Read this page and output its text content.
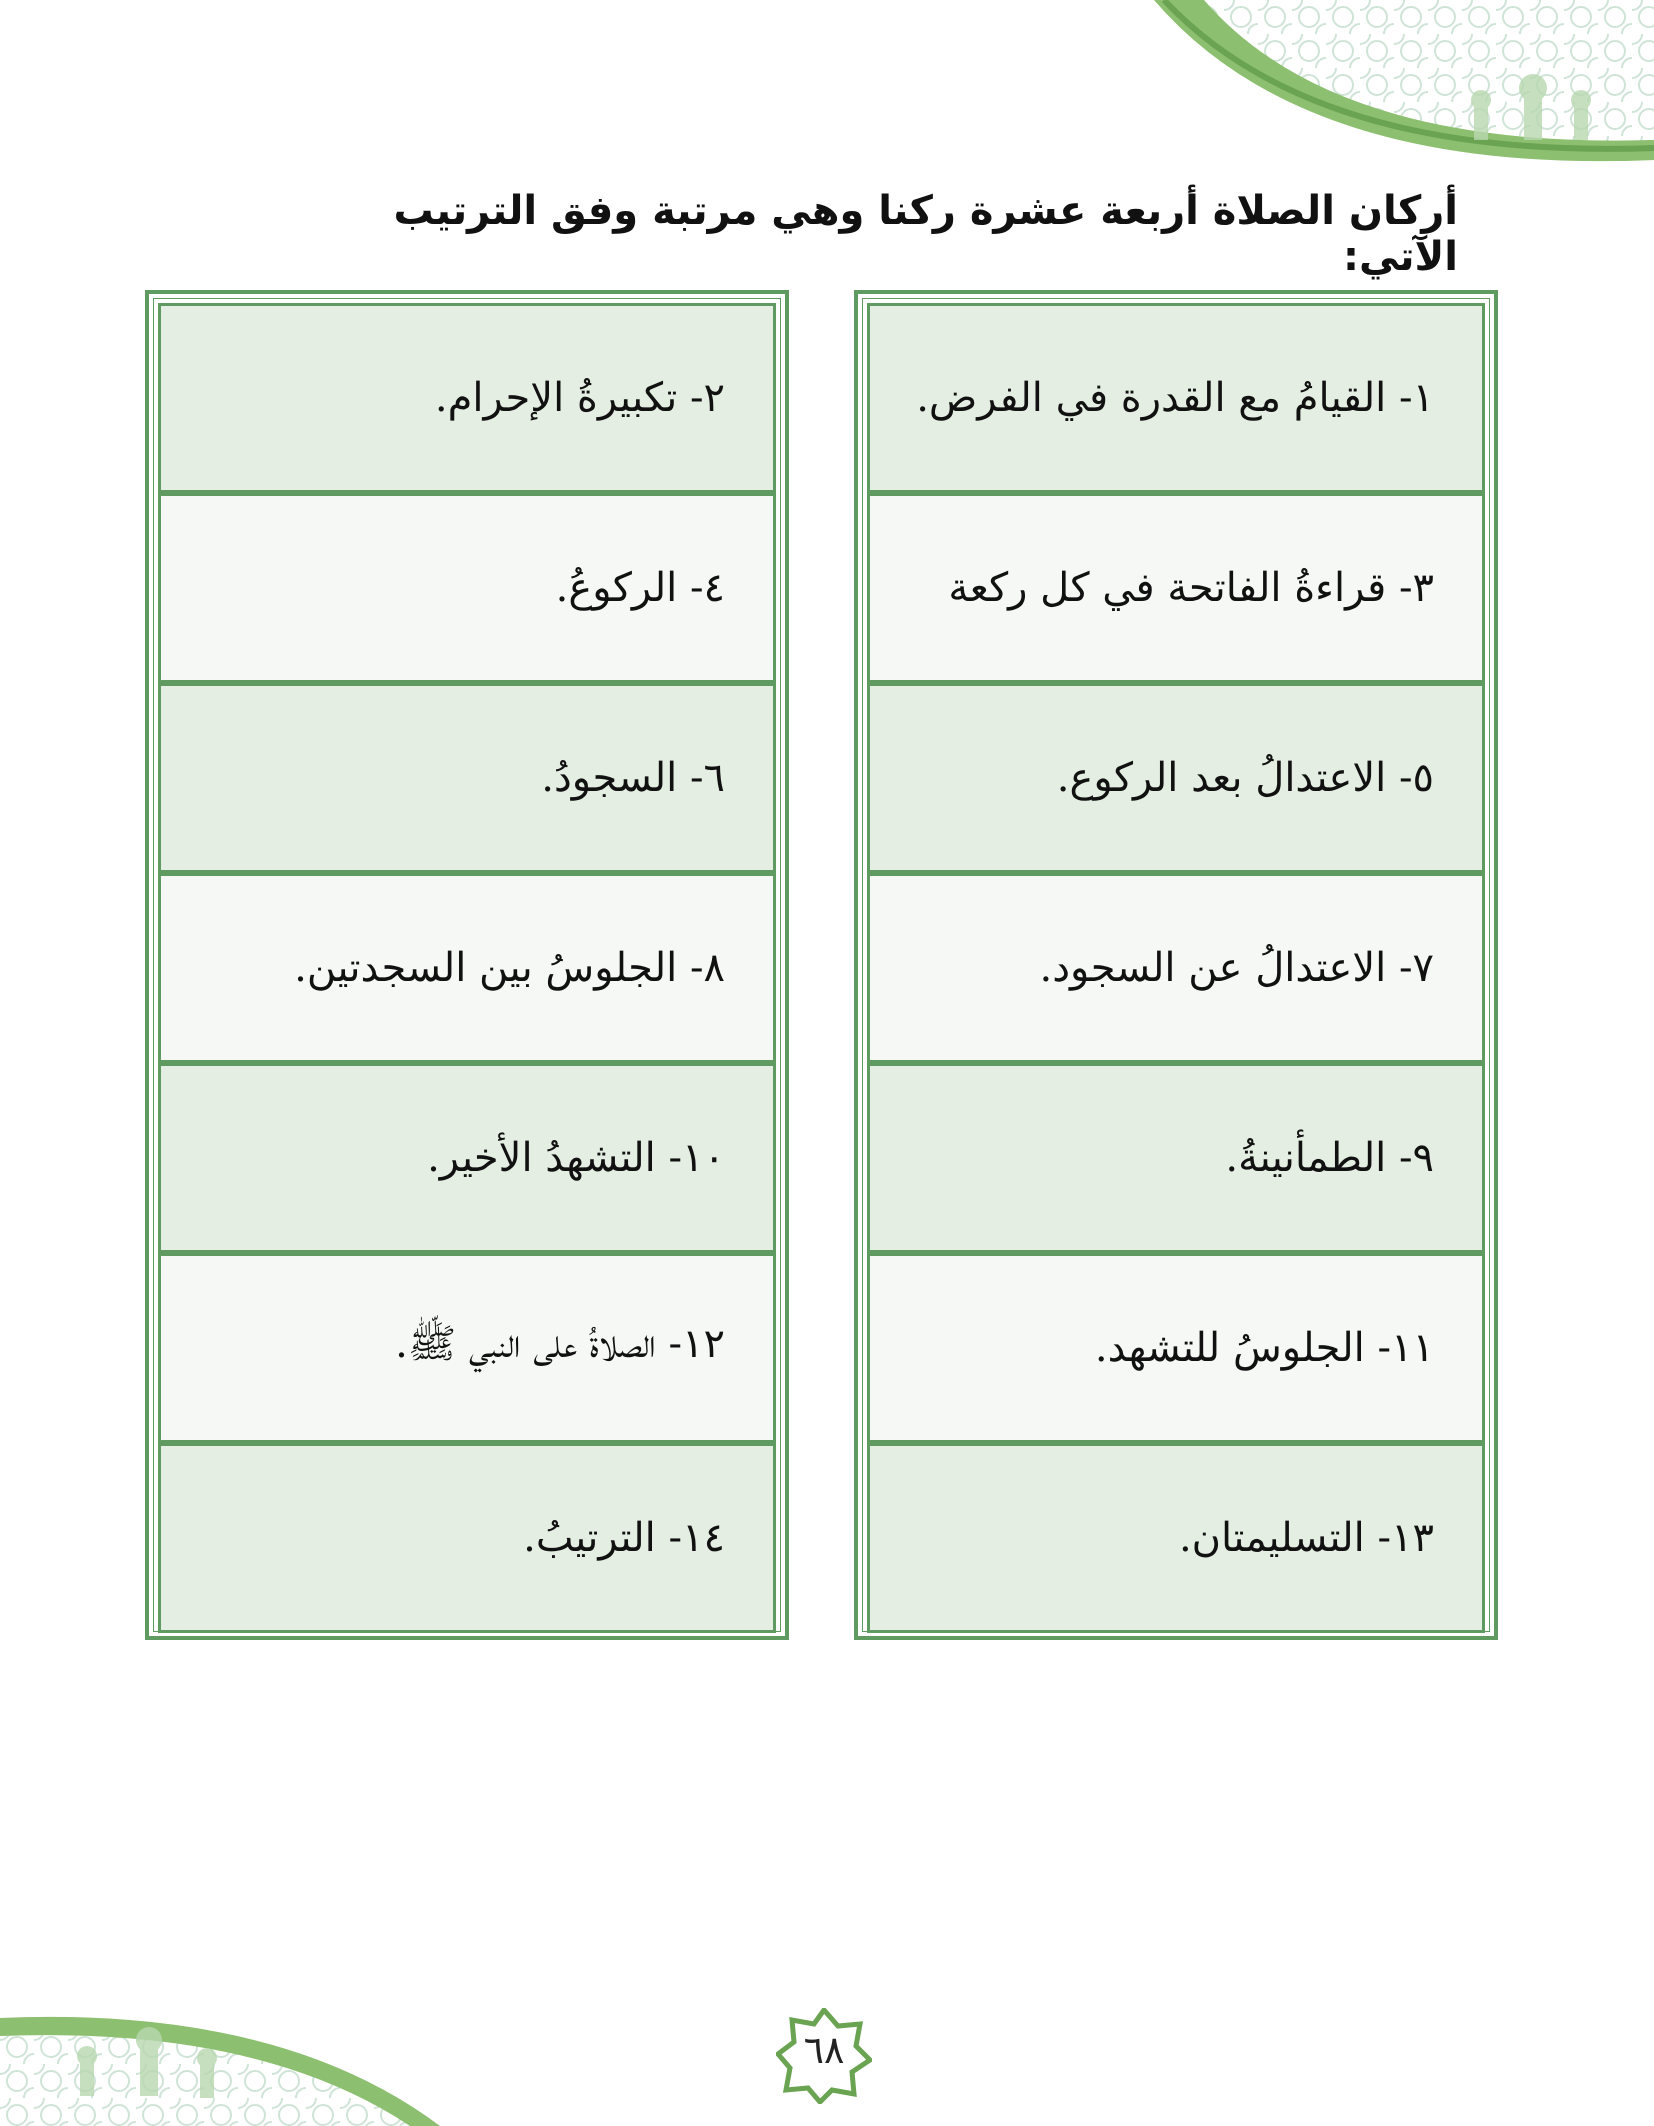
أركان الصلاة أربعة عشرة ركنا وهي مرتبة وفق الترتيب الآتي:
١- القيامُ مع القدرة في الفرض.
٣- قراءةُ الفاتحة في كل ركعة
٥- الاعتدالُ بعد الركوع.
٧- الاعتدالُ عن السجود.
٩- الطمأنينةُ.
١١- الجلوسُ للتشهد.
١٣- التسليمتان.
٢- تكبيرةُ الإحرام.
٤- الركوعُ.
٦- السجودُ.
٨- الجلوسُ بين السجدتين.
١٠- التشهدُ الأخير.
١٢- الصلاةُ على النبي ﷺ.
١٤- الترتيبُ.
٦٨
